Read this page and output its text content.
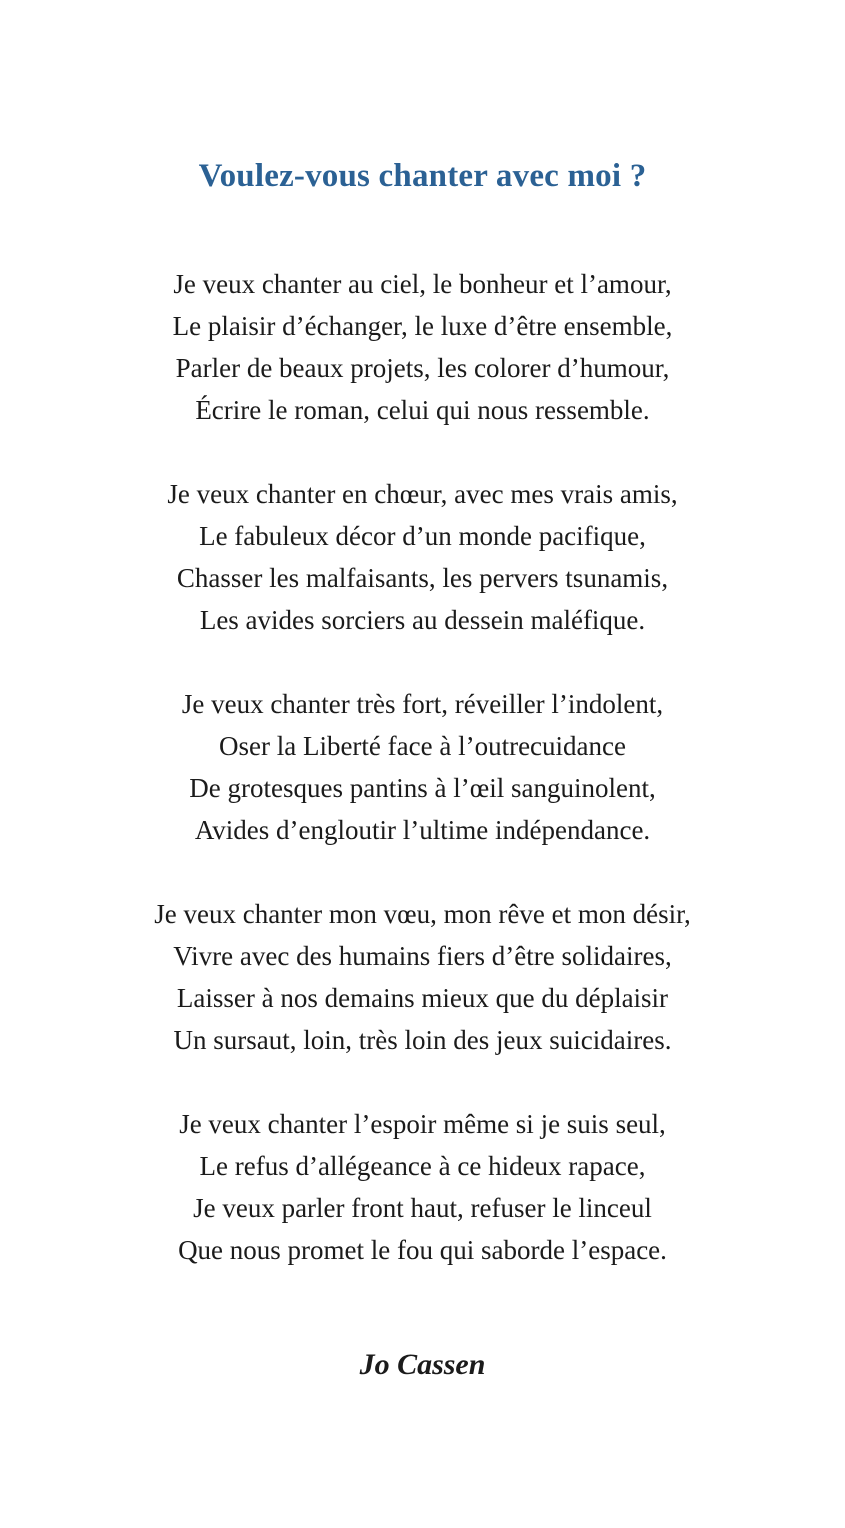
Voulez-vous chanter avec moi ?

Je veux chanter au ciel, le bonheur et l’amour,

Le plaisir d’échanger, le luxe d’être ensemble,

Parler de beaux projets, les colorer d’humour,

Écrire le roman, celui qui nous ressemble.

Je veux chanter en chœur, avec mes vrais amis,

Le fabuleux décor d’un monde pacifique,

Chasser les malfaisants, les pervers tsunamis,

Les avides sorciers au dessein maléfique.

Je veux chanter très fort, réveiller l’indolent,

Oser la Liberté face à l’outrecuidance

De grotesques pantins à l’œil sanguinolent,

Avides d’engloutir l’ultime indépendance.

Je veux chanter mon vœu, mon rêve et mon désir,

Vivre avec des humains fiers d’être solidaires,

Laisser à nos demains mieux que du déplaisir

Un sursaut, loin, très loin des jeux suicidaires.

Je veux chanter l’espoir même si je suis seul,

Le refus d’allégeance à ce hideux rapace,

Je veux parler front haut, refuser le linceul

Que nous promet le fou qui saborde l’espace.

Jo Cassen
